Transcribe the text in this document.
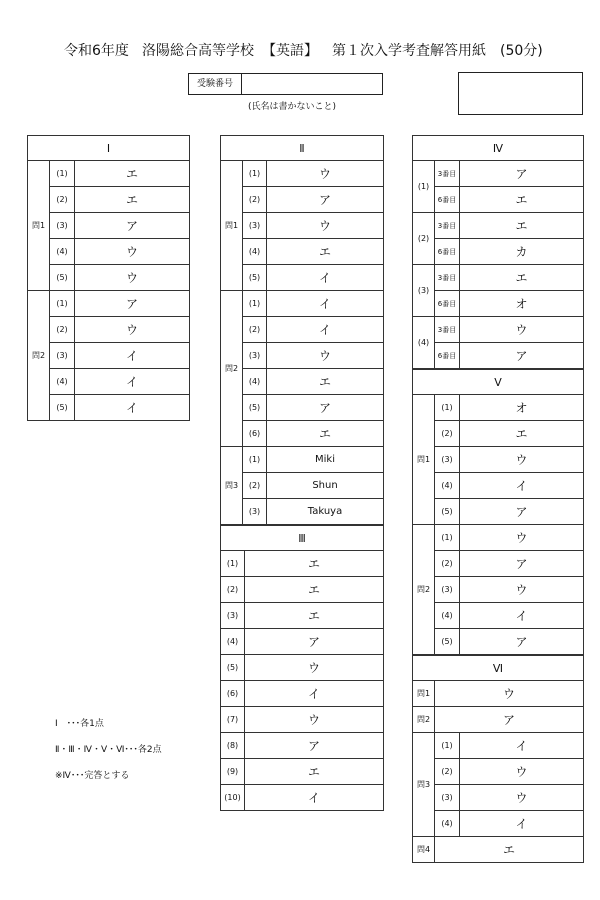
令和6年度 洛陽総合高等学校 【英語】 第１次入学考査解答用紙 (50分)
受験番号
(氏名は書かないこと)
Ⅰ		
問1	(1)	エ
	(2)	エ
	(3)	ア
	(4)	ウ
	(5)	ウ
問2	(1)	ア
	(2)	ウ
	(3)	イ
	(4)	イ
	(5)	イ
Ⅱ		
問1	(1)	ウ
	(2)	ア
	(3)	ウ
	(4)	エ
	(5)	イ
問2	(1)	イ
	(2)	イ
	(3)	ウ
	(4)	エ
	(5)	ア
	(6)	エ
問3	(1)	Miki
	(2)	Shun
	(3)	Takuya
Ⅲ	
(1)	エ
(2)	エ
(3)	エ
(4)	ア
(5)	ウ
(6)	イ
(7)	ウ
(8)	ア
(9)	エ
(10)	イ
Ⅳ		
(1)	3番目	ア
	6番目	エ
(2)	3番目	エ
	6番目	カ
(3)	3番目	エ
	6番目	オ
(4)	3番目	ウ
	6番目	ア
Ⅴ		
問1	(1)	オ
	(2)	エ
	(3)	ウ
	(4)	イ
	(5)	ア
問2	(1)	ウ
	(2)	ア
	(3)	ウ
	(4)	イ
	(5)	ア
Ⅵ		
問1	ウ	
問2	ア	
問3	(1)	イ
	(2)	ウ
	(3)	ウ
	(4)	イ
問4	エ	
Ⅰ　･･･各1点
Ⅱ・Ⅲ・Ⅳ・Ⅴ・Ⅵ･･･各2点
※Ⅳ･･･完答とする
